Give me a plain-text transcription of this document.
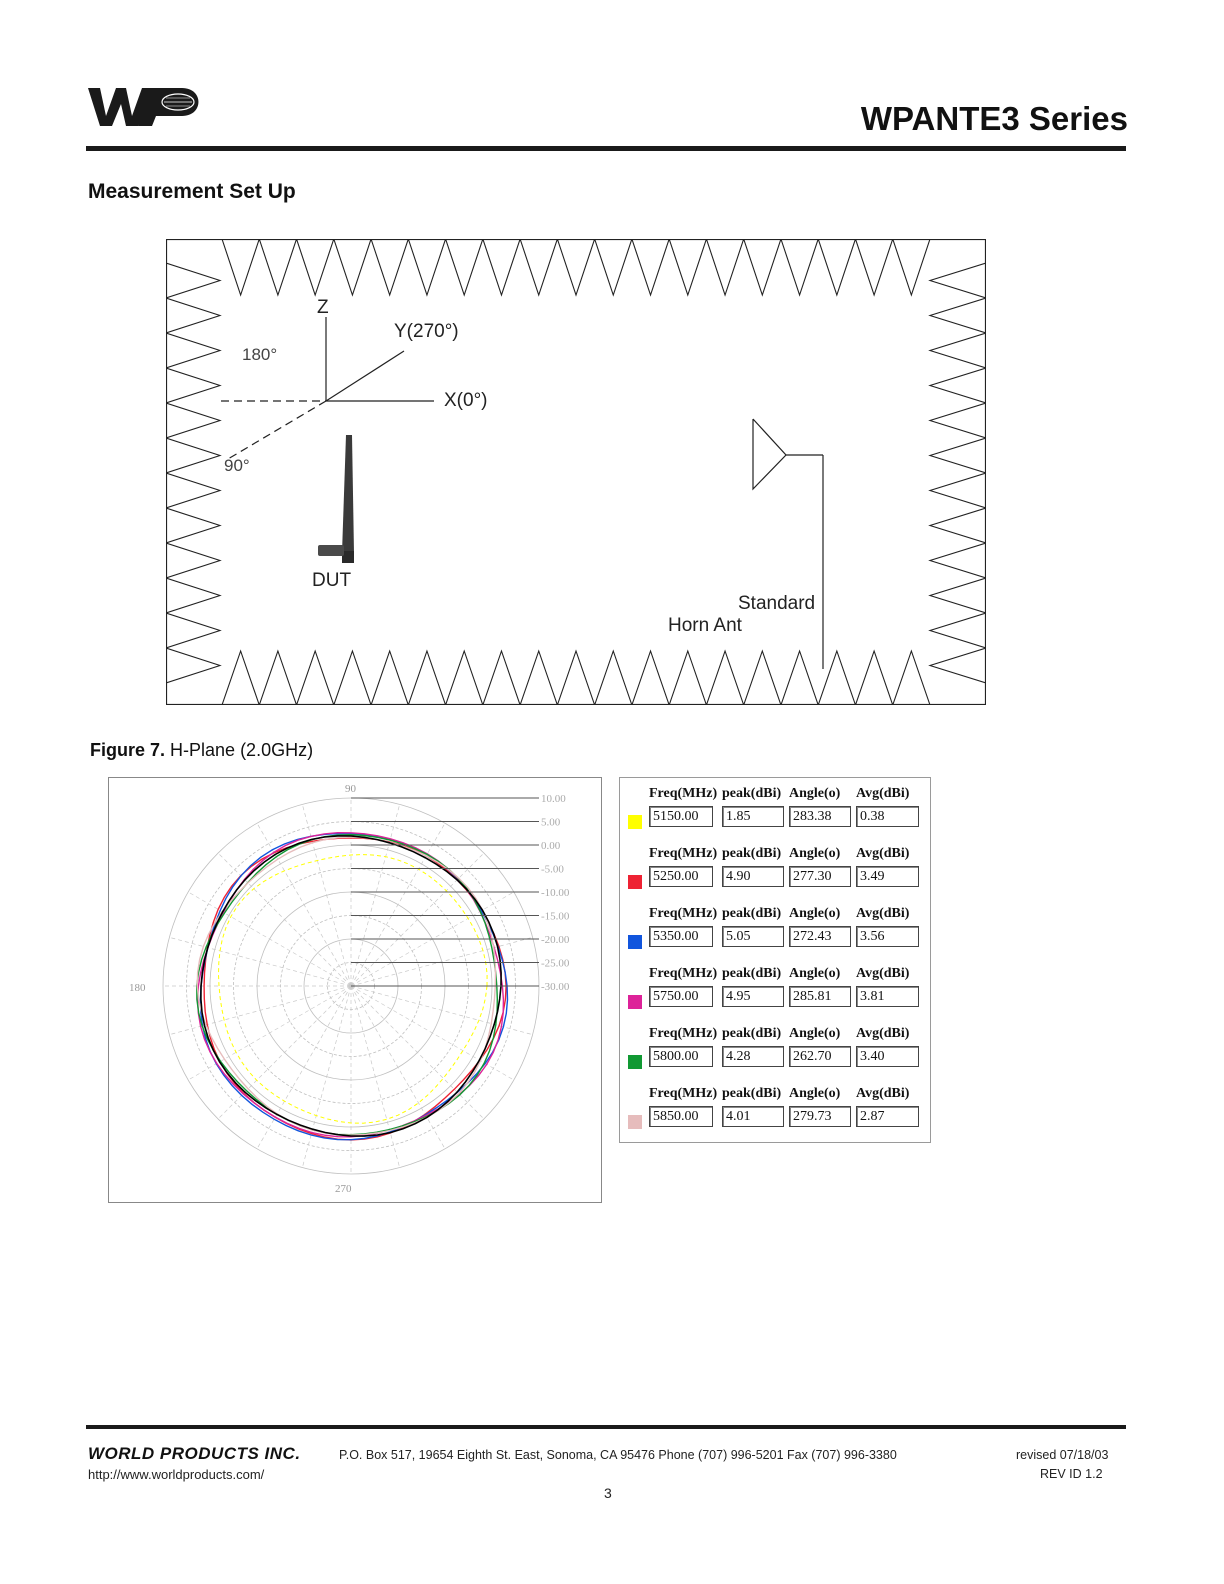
WPANTE3 Series
Measurement Set Up
Z
Y(270°)
X(0°)
180°
90°
DUT
Standard
Horn Ant
Figure 7. H-Plane (2.0GHz)
90
180
270
10.00
5.00
0.00
-5.00
-10.00
-15.00
-20.00
-25.00
-30.00
Freq(MHz) peak(dBi) Angle(o) Avg(dBi)
5150.00	1.85	283.38	0.38
Freq(MHz) peak(dBi) Angle(o) Avg(dBi)
5250.00	4.90	277.30	3.49
Freq(MHz) peak(dBi) Angle(o) Avg(dBi)
5350.00	5.05	272.43	3.56
Freq(MHz) peak(dBi) Angle(o) Avg(dBi)
5750.00	4.95	285.81	3.81
Freq(MHz) peak(dBi) Angle(o) Avg(dBi)
5800.00	4.28	262.70	3.40
Freq(MHz) peak(dBi) Angle(o) Avg(dBi)
5850.00	4.01	279.73	2.87
WORLD PRODUCTS INC.	P.O. Box 517, 19654 Eighth St. East, Sonoma, CA 95476 Phone (707) 996-5201 Fax (707) 996-3380	revised 07/18/03
http://www.worldproducts.com/	REV ID 1.2
3
